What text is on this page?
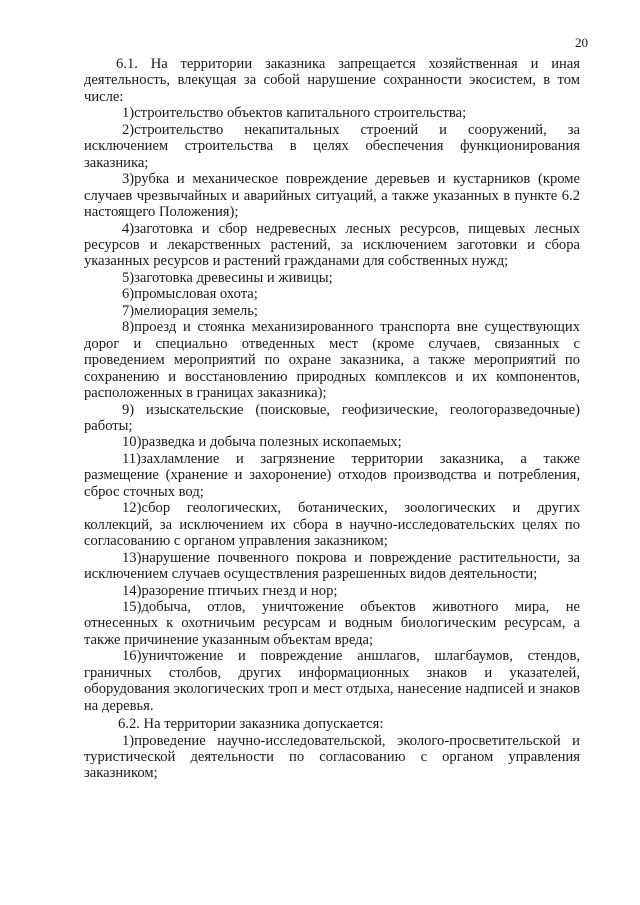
20

6.1. На территории заказника запрещается хозяйственная и иная деятельность, влекущая за собой нарушение сохранности экосистем, в том числе:

1)строительство объектов капитального строительства;

2)строительство некапитальных строений и сооружений, за исключением строительства в целях обеспечения функционирования заказника;

3)рубка и механическое повреждение деревьев и кустарников (кроме случаев чрезвычайных и аварийных ситуаций, а также указанных в пункте 6.2 настоящего Положения);

4)заготовка и сбор недревесных лесных ресурсов, пищевых лесных ресурсов и лекарственных растений, за исключением заготовки и сбора указанных ресурсов и растений гражданами для собственных нужд;

5)заготовка древесины и живицы;

6)промысловая охота;

7)мелиорация земель;

8)проезд и стоянка механизированного транспорта вне существующих дорог и специально отведенных мест (кроме случаев, связанных с проведением мероприятий по охране заказника, а также мероприятий по сохранению и восстановлению природных комплексов и их компонентов, расположенных в границах заказника);

9) изыскательские (поисковые, геофизические, геологоразведочные) работы;

10)разведка и добыча полезных ископаемых;

11)захламление и загрязнение территории заказника, а также размещение (хранение и захоронение) отходов производства и потребления, сброс сточных вод;

12)сбор геологических, ботанических, зоологических и других коллекций, за исключением их сбора в научно-исследовательских целях по согласованию с органом управления заказником;

13)нарушение почвенного покрова и повреждение растительности, за исключением случаев осуществления разрешенных видов деятельности;

14)разорение птичьих гнезд и нор;

15)добыча, отлов, уничтожение объектов животного мира, не отнесенных к охотничьим ресурсам и водным биологическим ресурсам, а также причинение указанным объектам вреда;

16)уничтожение и повреждение аншлагов, шлагбаумов, стендов, граничных столбов, других информационных знаков и указателей, оборудования экологических троп и мест отдыха, нанесение надписей и знаков на деревья.

6.2. На территории заказника допускается:

1)проведение научно-исследовательской, эколого-просветительской и туристической деятельности по согласованию с органом управления заказником;
